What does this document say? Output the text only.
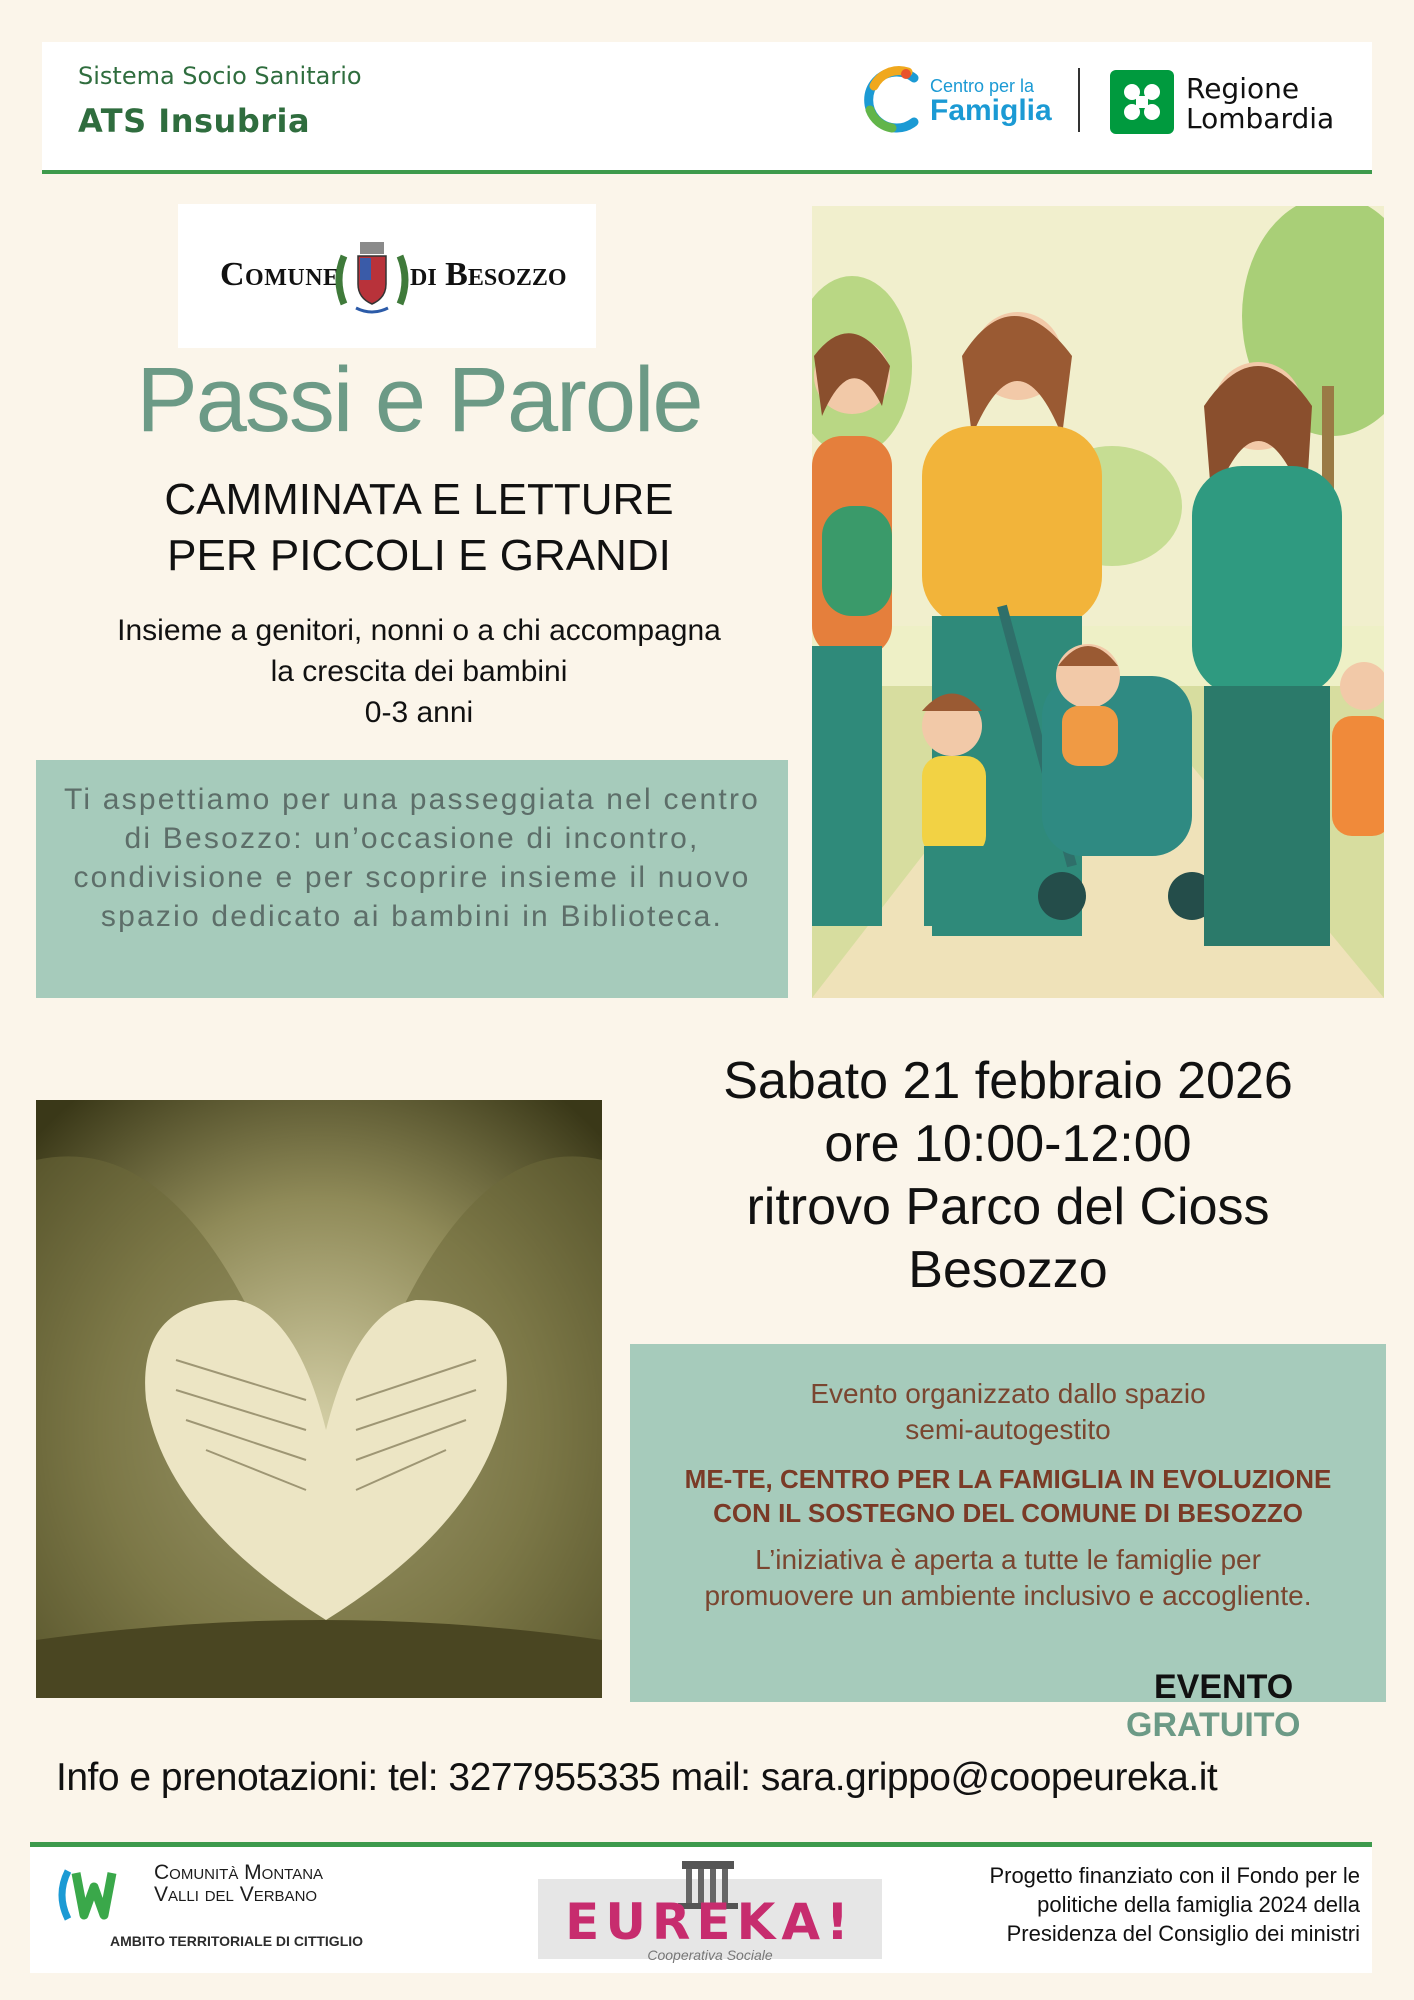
Sistema Socio Sanitario
ATS Insubria
Centro per la
Famiglia
Regione
Lombardia
Comune di Besozzo
Passi e Parole
CAMMINATA E LETTURE
PER PICCOLI E GRANDI
Insieme a genitori, nonni o a chi accompagna
la crescita dei bambini
0-3 anni
Ti aspettiamo per una passeggiata nel centro di Besozzo: un’occasione di incontro, condivisione e per scoprire insieme il nuovo spazio dedicato ai bambini in Biblioteca.
Sabato 21 febbraio 2026
ore 10:00-12:00
ritrovo Parco del Cioss
Besozzo
Evento organizzato dallo spazio
semi-autogestito
ME-TE, CENTRO PER LA FAMIGLIA IN EVOLUZIONE
CON IL SOSTEGNO DEL COMUNE DI BESOZZO
L’iniziativa è aperta a tutte le famiglie per
promuovere un ambiente inclusivo e accogliente.
EVENTO
GRATUITO
Info e prenotazioni: tel: 3277955335 mail: sara.grippo@coopeureka.it
Comunità Montana
Valli del Verbano
AMBITO TERRITORIALE DI CITTIGLIO	EUREKA!
Cooperativa Sociale
Progetto finanziato con il Fondo per le
politiche della famiglia 2024 della
Presidenza del Consiglio dei ministri
